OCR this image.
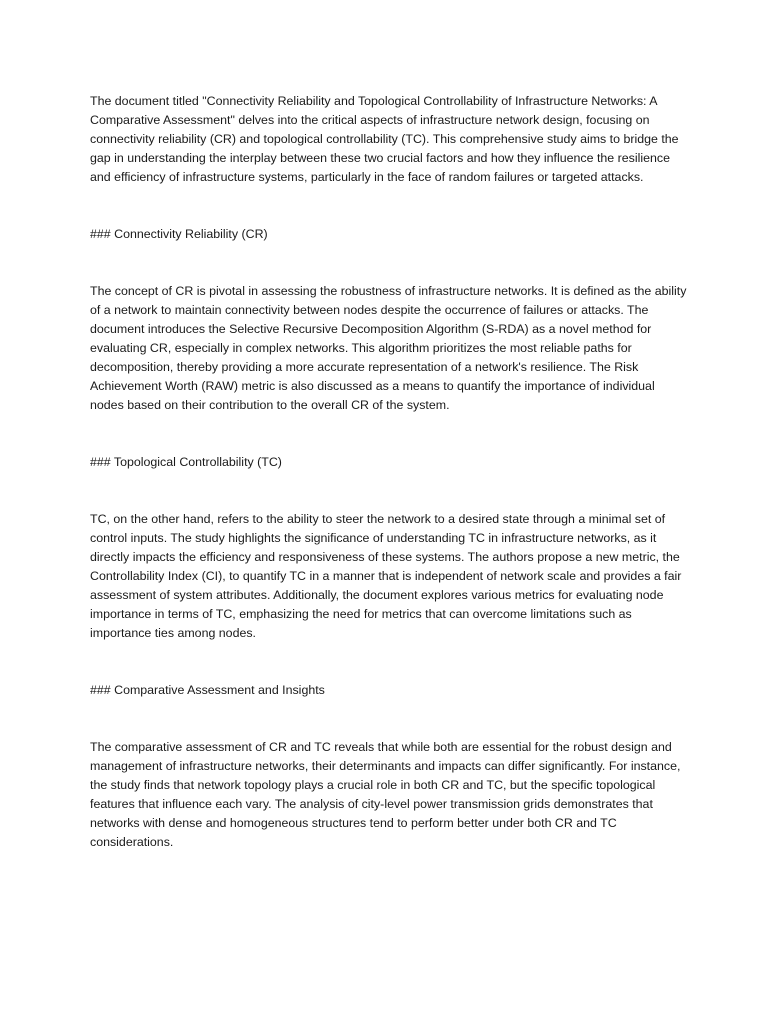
The document titled "Connectivity Reliability and Topological Controllability of Infrastructure Networks: A Comparative Assessment" delves into the critical aspects of infrastructure network design, focusing on connectivity reliability (CR) and topological controllability (TC). This comprehensive study aims to bridge the gap in understanding the interplay between these two crucial factors and how they influence the resilience and efficiency of infrastructure systems, particularly in the face of random failures or targeted attacks.

### Connectivity Reliability (CR)

The concept of CR is pivotal in assessing the robustness of infrastructure networks. It is defined as the ability of a network to maintain connectivity between nodes despite the occurrence of failures or attacks. The document introduces the Selective Recursive Decomposition Algorithm (S-RDA) as a novel method for evaluating CR, especially in complex networks. This algorithm prioritizes the most reliable paths for decomposition, thereby providing a more accurate representation of a network's resilience. The Risk Achievement Worth (RAW) metric is also discussed as a means to quantify the importance of individual nodes based on their contribution to the overall CR of the system.

### Topological Controllability (TC)

TC, on the other hand, refers to the ability to steer the network to a desired state through a minimal set of control inputs. The study highlights the significance of understanding TC in infrastructure networks, as it directly impacts the efficiency and responsiveness of these systems. The authors propose a new metric, the Controllability Index (CI), to quantify TC in a manner that is independent of network scale and provides a fair assessment of system attributes. Additionally, the document explores various metrics for evaluating node importance in terms of TC, emphasizing the need for metrics that can overcome limitations such as importance ties among nodes.

### Comparative Assessment and Insights

The comparative assessment of CR and TC reveals that while both are essential for the robust design and management of infrastructure networks, their determinants and impacts can differ significantly. For instance, the study finds that network topology plays a crucial role in both CR and TC, but the specific topological features that influence each vary. The analysis of city-level power transmission grids demonstrates that networks with dense and homogeneous structures tend to perform better under both CR and TC considerations.
